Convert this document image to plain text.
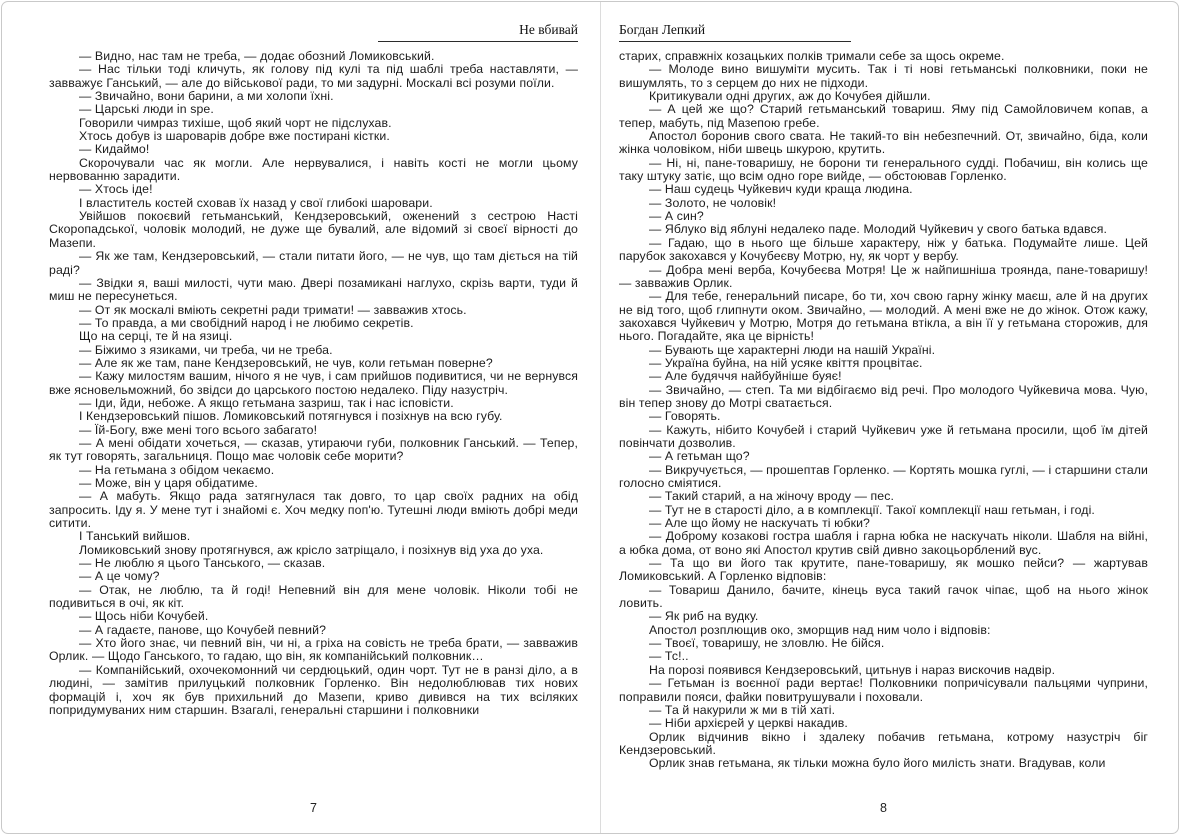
Не вбивай

— Видно, нас там не треба, — додає обозний Ломиковський.

— Нас тільки тоді кличуть, як голову під кулі та під шаблі треба наставляти, — завважує Ганський, — але до військової ради, то ми задурні. Москалі всі розуми поїли.

— Звичайно, вони барини, а ми холопи їхні.

— Царські люди in spe.

Говорили чимраз тихіше, щоб який чорт не підслухав.

Хтось добув із шароварів добре вже постирані кістки.

— Кидаймо!

Скорочували час як могли. Але нервувалися, і навіть кості не могли цьому нервованню зарадити.

— Хтось іде!

І властитель костей сховав їх назад у свої глибокі шаровари.

Увійшов покоєвий гетьманський, Кендзеровський, оженений з сестрою Насті Скоропадської, чоловік молодий, не дуже ще бувалий, але відомий зі своєї вірності до Мазепи.

— Як же там, Кендзеровський, — стали питати його, — не чув, що там діється на тій раді?

— Звідки я, ваші милості, чути маю. Двері позамикані наглухо, скрізь варти, туди й миш не пересунеться.

— От як москалі вміють секретні ради тримати! — завважив хтось.

— То правда, а ми свобідний народ і не любимо секретів.

Що на серці, те й на язиці.

— Біжимо з язиками, чи треба, чи не треба.

— Але як же там, пане Кендзеровський, не чув, коли гетьман поверне?

— Кажу милостям вашим, нічого я не чув, і сам прийшов подивитися, чи не вернувся вже ясновельможний, бо звідси до царського постою недалеко. Піду назустріч.

— Іди, йди, небоже. А якщо гетьмана зазриш, так і нас ісповісти.

І Кендзеровський пішов. Ломиковський потягнувся і позіхнув на всю губу.

— Їй-Богу, вже мені того всього забагато!

— А мені обідати хочеться, — сказав, утираючи губи, полковник Ганський. — Тепер, як тут говорять, загальниця. Пощо має чоловік себе морити?

— На гетьмана з обідом чекаємо.

— Може, він у царя обідатиме.

— А мабуть. Якщо рада затягнулася так довго, то цар своїх радних на обід запросить. Іду я. У мене тут і знайомі є. Хоч медку поп'ю. Тутешні люди вміють добрі меди ситити.

І Танський вийшов.

Ломиковський знову протягнувся, аж крісло затріщало, і позіхнув від уха до уха.

— Не люблю я цього Танського, — сказав.

— А це чому?

— Отак, не люблю, та й годі! Непевний він для мене чоловік. Ніколи тобі не подивиться в очі, як кіт.

— Щось ніби Кочубей.

— А гадаєте, панове, що Кочубей певний?

— Хто його знає, чи певний він, чи ні, а гріха на совість не треба брати, — завважив Орлик. — Щодо Ганського, то гадаю, що він, як компанійський полковник…

— Компанійський, охочекомонний чи сердюцький, один чорт. Тут не в ранзі діло, а в людині, — замітив прилуцький полковник Горленко. Він недолюблював тих нових формацій і, хоч як був прихильний до Мазепи, криво дивився на тих всіляких попридумуваних ним старшин. Взагалі, генеральні старшини і полковники

7
Богдан Лепкий

старих, справжніх козацьких полків тримали себе за щось окреме.

— Молоде вино вишуміти мусить. Так і ті нові гетьманські полковники, поки не вишумлять, то з серцем до них не підходи.

Критикували одні других, аж до Кочубея дійшли.

— А цей же що? Старий гетьманський товариш. Яму під Самойловичем копав, а тепер, мабуть, під Мазепою гребе.

Апостол боронив свого свата. Не такий-то він небезпечний. От, звичайно, біда, коли жінка чоловіком, ніби швець шкурою, крутить.

— Ні, ні, пане-товаришу, не борони ти генерального судді. Побачиш, він колись ще таку штуку затіє, що всім одно горе вийде, — обстоював Горленко.

— Наш судець Чуйкевич куди краща людина.

— Золото, не чоловік!

— А син?

— Яблуко від яблуні недалеко паде. Молодий Чуйкевич у свого батька вдався.

— Гадаю, що в нього ще більше характеру, ніж у батька. Подумайте лише. Цей парубок закохався у Кочубеєву Мотрю, ну, як чорт у вербу.

— Добра мені верба, Кочубеєва Мотря! Це ж найпишніша троянда, пане-товаришу! — завважив Орлик.

— Для тебе, генеральний писаре, бо ти, хоч свою гарну жінку маєш, але й на других не від того, щоб глипнути оком. Звичайно, — молодий. А мені вже не до жінок. Отож кажу, закохався Чуйкевич у Мотрю, Мотря до гетьмана втікла, а він її у гетьмана сторожив, для нього. Погадайте, яка це вірність!

— Бувають ще характерні люди на нашій Україні.

— Україна буйна, на ній усяке квіття процвітає.

— Але будяччя найбуйніше буяє!

— Звичайно, — степ. Та ми відбігаємо від речі. Про молодого Чуйкевича мова. Чую, він тепер знову до Мотрі сватається.

— Говорять.

— Кажуть, нібито Кочубей і старий Чуйкевич уже й гетьмана просили, щоб їм дітей повінчати дозволив.

— А гетьман що?

— Викручується, — прошептав Горленко. — Кортять мошка гуглі, — і старшини стали голосно сміятися.

— Такий старий, а на жіночу вроду — пес.

— Тут не в старості діло, а в комплекції. Такої комплекції наш гетьман, і годі.

— Але що йому не наскучать ті юбки?

— Доброму козакові гостра шабля і гарна юбка не наскучать ніколи. Шабля на війні, а юбка дома, от воно які Апостол крутив свій дивно закоцьорблений вус.

— Та що ви його так крутите, пане-товаришу, як мошко пейси? — жартував Ломиковський. А Горленко відповів:

— Товариш Данило, бачите, кінець вуса такий гачок чіпає, щоб на нього жінок ловить.

— Як риб на вудку.

Апостол розплющив око, зморщив над ним чоло і відповів:

— Твоєї, товаришу, не зловлю. Не бійся.

— Тс!..

На порозі появився Кендзеровський, цитьнув і нараз вискочив надвір.

— Гетьман із воєнної ради вертає! Полковники попричісували пальцями чуприни, поправили пояси, файки повитрушували і поховали.

— Та й накурили ж ми в тій хаті.

— Ніби архієрей у церкві накадив.

Орлик відчинив вікно і здалеку побачив гетьмана, котрому назустріч біг Кендзеровський.

Орлик знав гетьмана, як тільки можна було його милість знати. Вгадував, коли

8
